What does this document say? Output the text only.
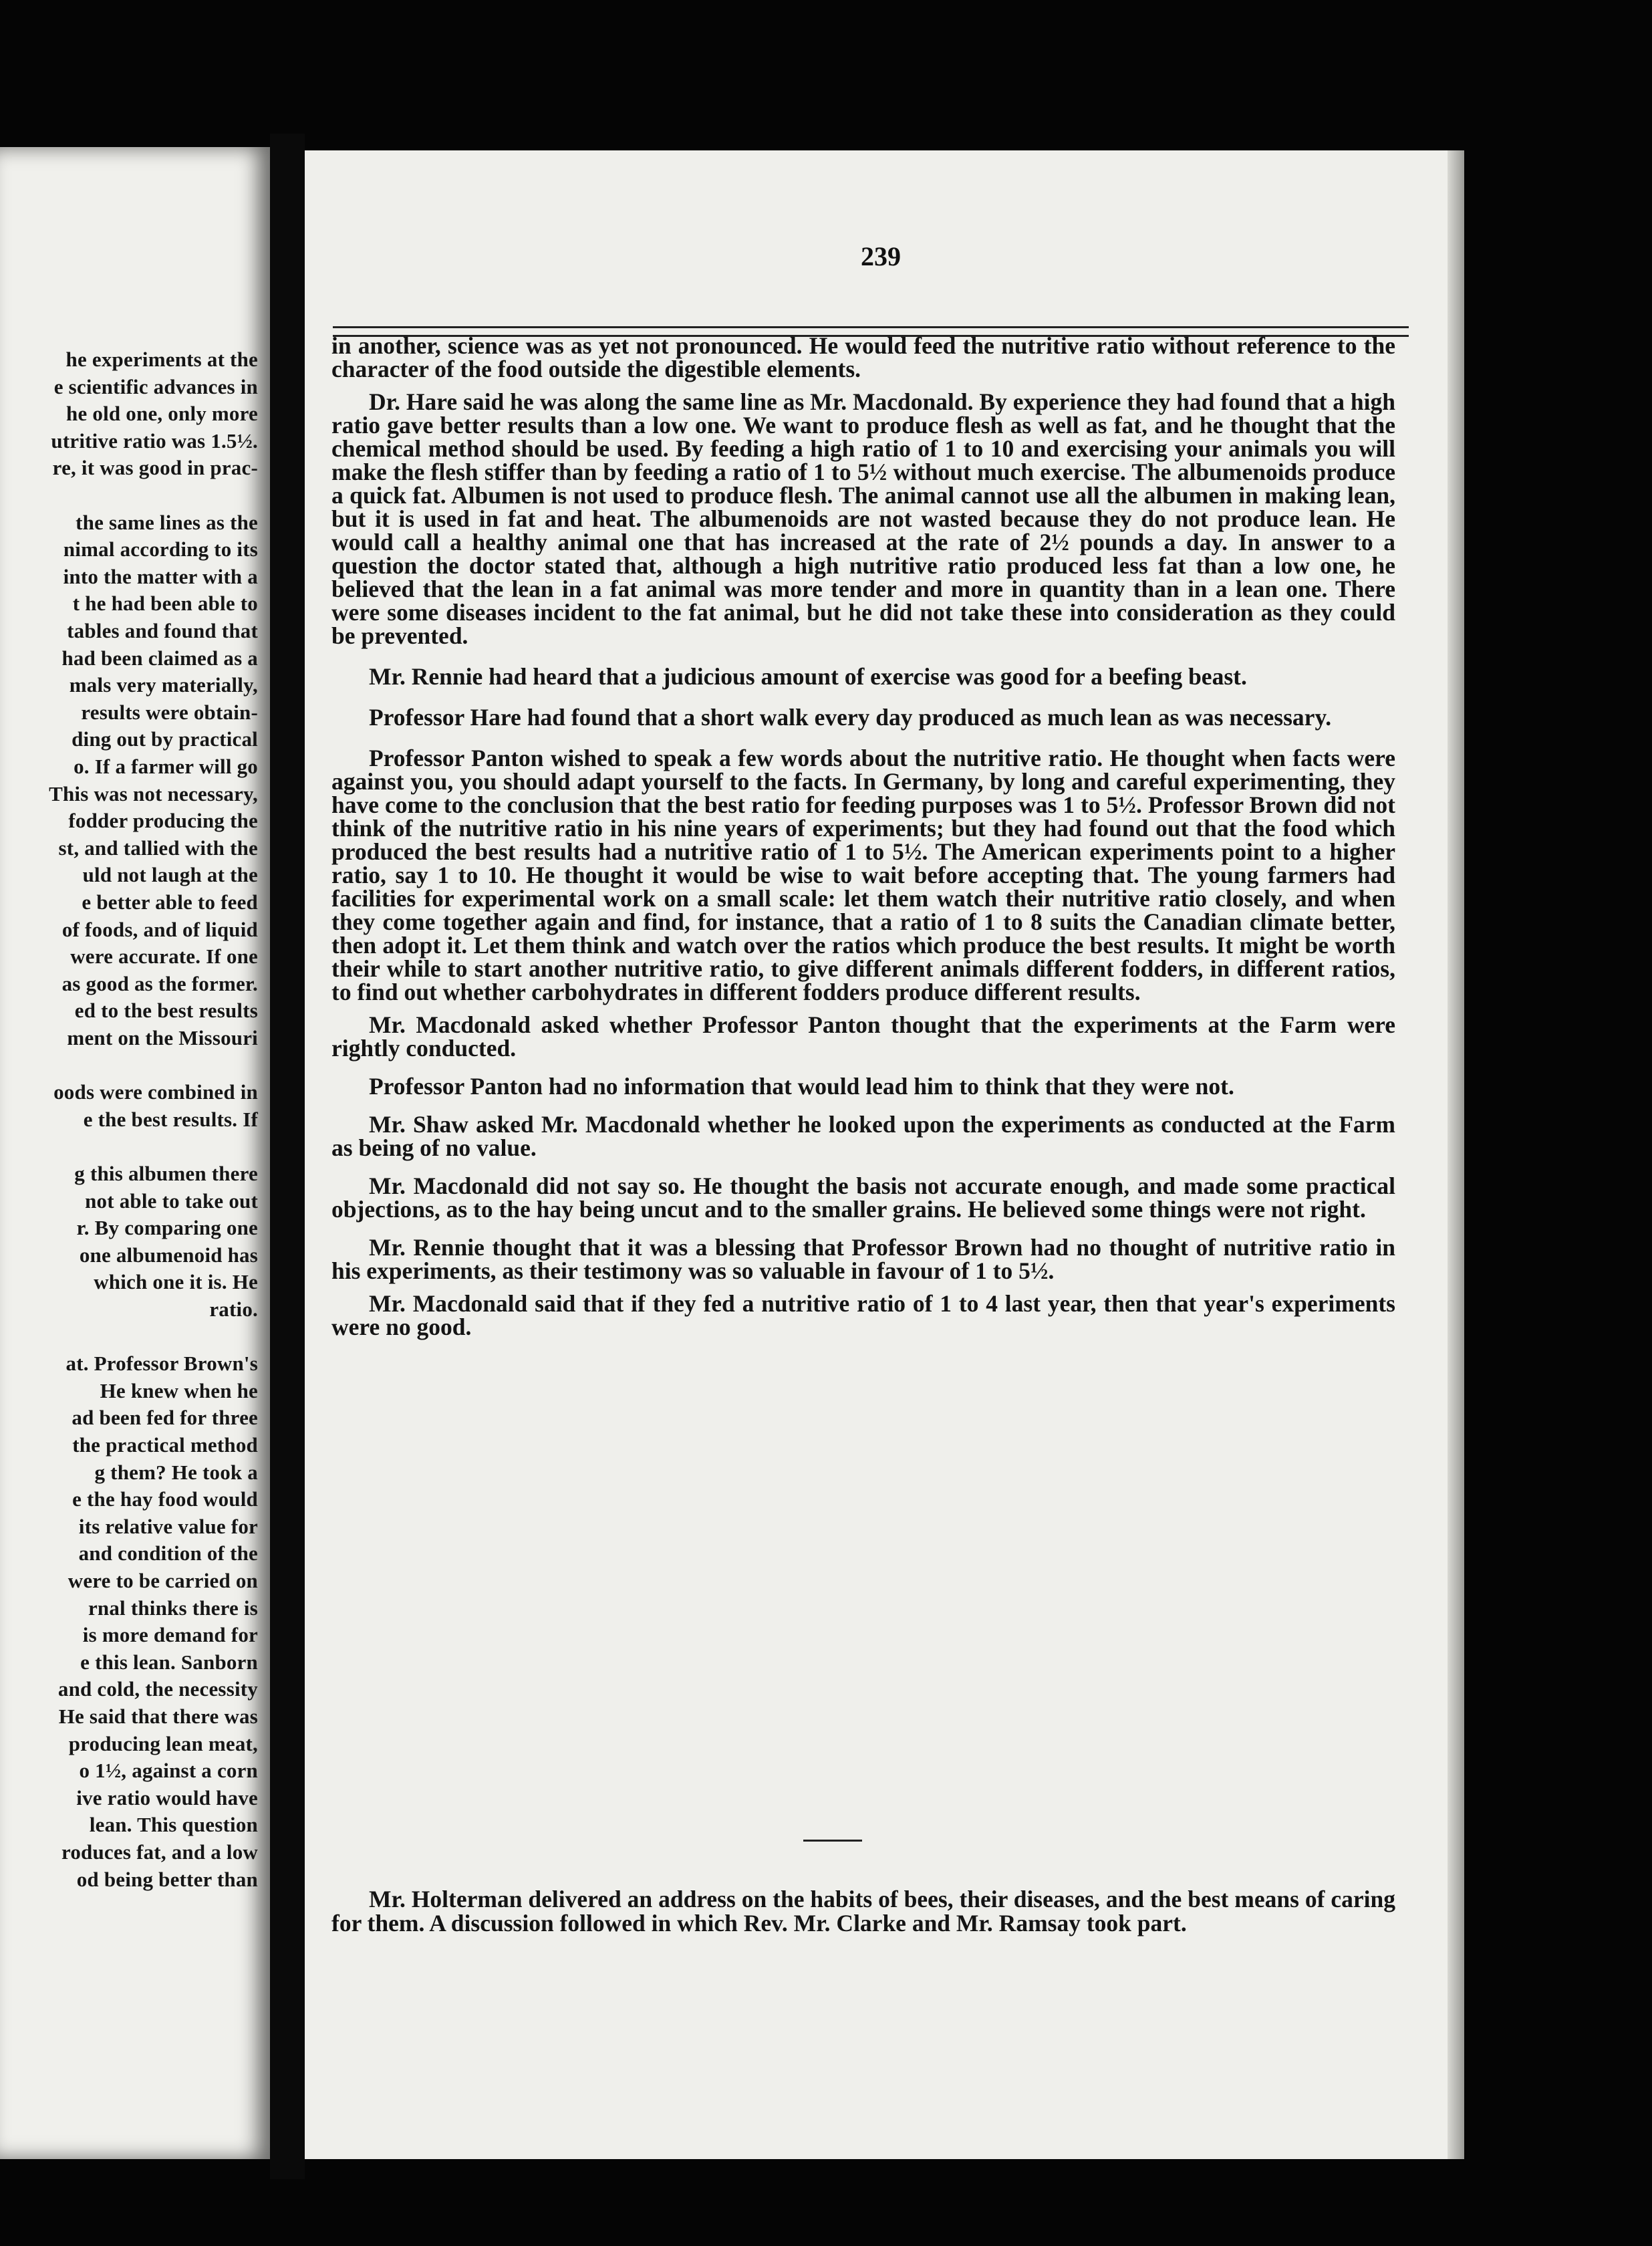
he experiments at the
e scientific advances in
he old one, only more
utritive ratio was 1.5½.
re, it was good in prac-
the same lines as the
nimal according to its
into the matter with a
t he had been able to
tables and found that
had been claimed as a
mals very materially,
results were obtain-
ding out by practical
o. If a farmer will go
This was not necessary,
fodder producing the
st, and tallied with the
uld not laugh at the
e better able to feed
of foods, and of liquid
were accurate. If one
as good as the former.
ed to the best results
ment on the Missouri
oods were combined in
e the best results. If
g this albumen there
not able to take out
r. By comparing one
one albumenoid has
which one it is. He
ratio.
at. Professor Brown's
He knew when he
ad been fed for three
the practical method
g them? He took a
e the hay food would
its relative value for
and condition of the
were to be carried on
rnal thinks there is
is more demand for
e this lean. Sanborn
and cold, the necessity
He said that there was
producing lean meat,
o 1½, against a corn
ive ratio would have
lean. This question
roduces fat, and a low
od being better than
239

in another, science was as yet not pronounced. He would feed the nutritive ratio without reference to the character of the food outside the digestible elements.

Dr. Hare said he was along the same line as Mr. Macdonald. By experience they had found that a high ratio gave better results than a low one. We want to produce flesh as well as fat, and he thought that the chemical method should be used. By feeding a high ratio of 1 to 10 and exercising your animals you will make the flesh stiffer than by feeding a ratio of 1 to 5½ without much exercise. The albumenoids produce a quick fat. Albumen is not used to produce flesh. The animal cannot use all the albumen in making lean, but it is used in fat and heat. The albumenoids are not wasted because they do not produce lean. He would call a healthy animal one that has increased at the rate of 2½ pounds a day. In answer to a question the doctor stated that, although a high nutritive ratio produced less fat than a low one, he believed that the lean in a fat animal was more tender and more in quantity than in a lean one. There were some diseases incident to the fat animal, but he did not take these into consideration as they could be prevented.

Mr. Rennie had heard that a judicious amount of exercise was good for a beefing beast.

Professor Hare had found that a short walk every day produced as much lean as was necessary.

Professor Panton wished to speak a few words about the nutritive ratio. He thought when facts were against you, you should adapt yourself to the facts. In Germany, by long and careful experimenting, they have come to the conclusion that the best ratio for feeding purposes was 1 to 5½. Professor Brown did not think of the nutritive ratio in his nine years of experiments; but they had found out that the food which produced the best results had a nutritive ratio of 1 to 5½. The American experiments point to a higher ratio, say 1 to 10. He thought it would be wise to wait before accepting that. The young farmers had facilities for experimental work on a small scale: let them watch their nutritive ratio closely, and when they come together again and find, for instance, that a ratio of 1 to 8 suits the Canadian climate better, then adopt it. Let them think and watch over the ratios which produce the best results. It might be worth their while to start another nutritive ratio, to give different animals different fodders, in different ratios, to find out whether carbohydrates in different fodders produce different results.

Mr. Macdonald asked whether Professor Panton thought that the experiments at the Farm were rightly conducted.

Professor Panton had no information that would lead him to think that they were not.

Mr. Shaw asked Mr. Macdonald whether he looked upon the experiments as conducted at the Farm as being of no value.

Mr. Macdonald did not say so. He thought the basis not accurate enough, and made some practical objections, as to the hay being uncut and to the smaller grains. He believed some things were not right.

Mr. Rennie thought that it was a blessing that Professor Brown had no thought of nutritive ratio in his experiments, as their testimony was so valuable in favour of 1 to 5½.

Mr. Macdonald said that if they fed a nutritive ratio of 1 to 4 last year, then that year's experiments were no good.

Mr. Holterman delivered an address on the habits of bees, their diseases, and the best means of caring for them. A discussion followed in which Rev. Mr. Clarke and Mr. Ramsay took part.
